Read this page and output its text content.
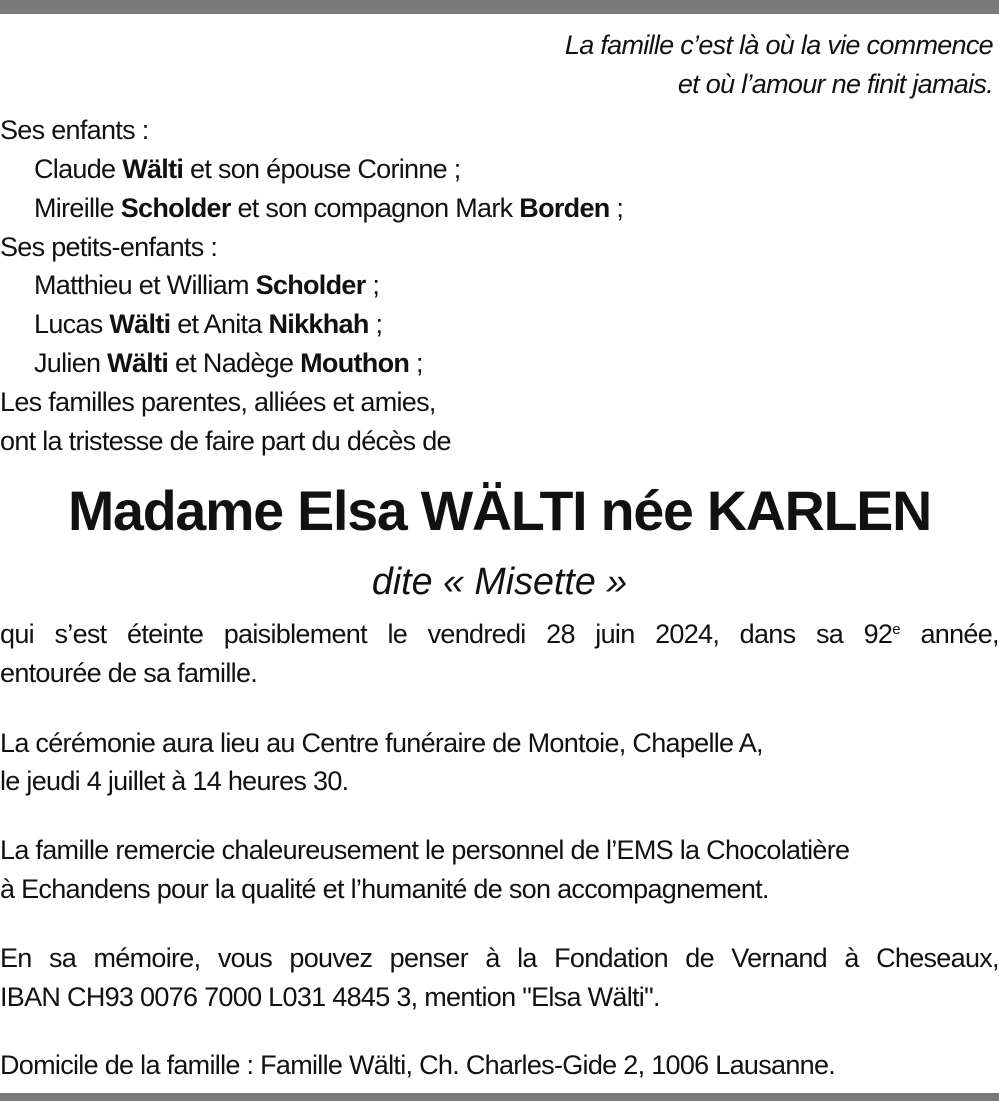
La famille c’est là où la vie commence
et où l’amour ne finit jamais.
Ses enfants :
Claude Wälti et son épouse Corinne ;
Mireille Scholder et son compagnon Mark Borden ;
Ses petits-enfants :
Matthieu et William Scholder ;
Lucas Wälti et Anita Nikkhah ;
Julien Wälti et Nadège Mouthon ;
Les familles parentes, alliées et amies,
ont la tristesse de faire part du décès de
Madame Elsa WÄLTI née KARLEN
dite « Misette »
qui s’est éteinte paisiblement le vendredi 28 juin 2024, dans sa 92e année,
entourée de sa famille.
La cérémonie aura lieu au Centre funéraire de Montoie, Chapelle A,
le jeudi 4 juillet à 14 heures 30.
La famille remercie chaleureusement le personnel de l’EMS la Chocolatière
à Echandens pour la qualité et l’humanité de son accompagnement.
En sa mémoire, vous pouvez penser à la Fondation de Vernand à Cheseaux,
IBAN CH93 0076 7000 L031 4845 3, mention "Elsa Wälti".
Domicile de la famille : Famille Wälti, Ch. Charles-Gide 2, 1006 Lausanne.
